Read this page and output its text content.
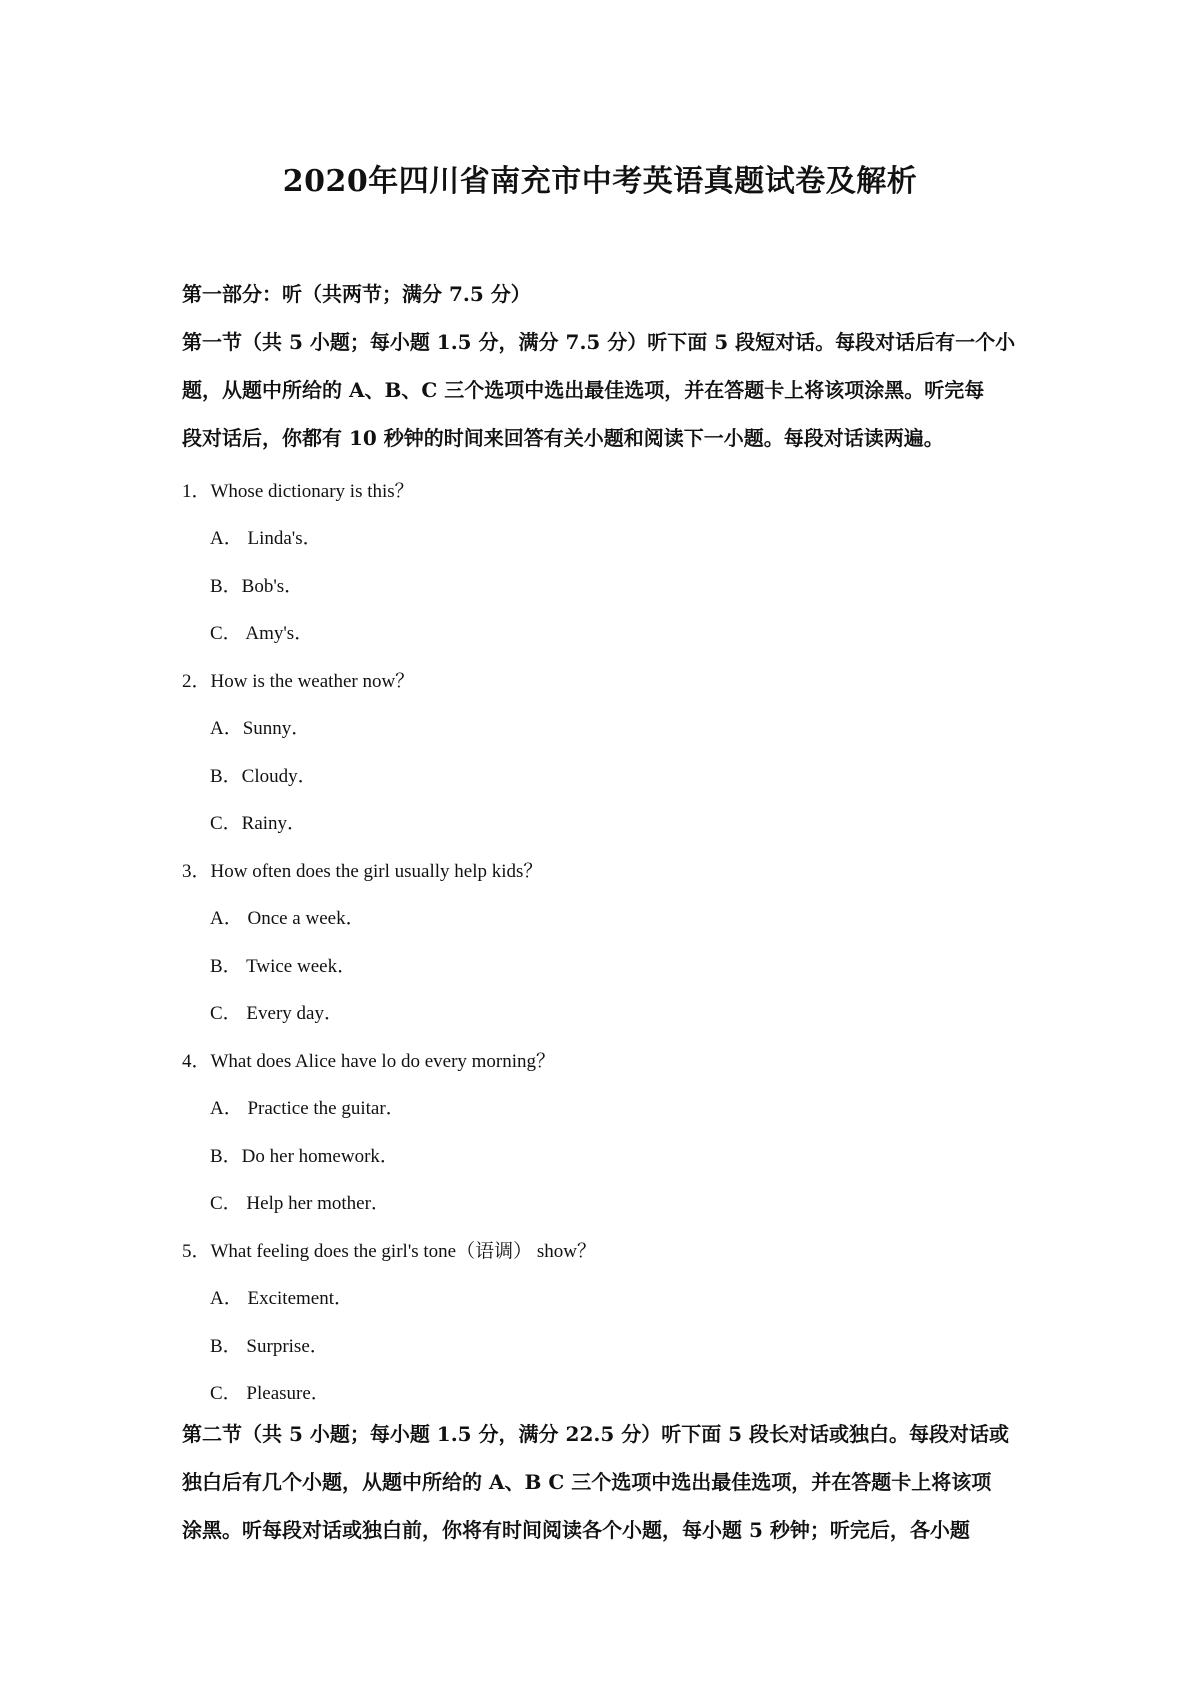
2020年四川省南充市中考英语真题试卷及解析
第一部分：听（共两节；满分 7.5 分）
第一节（共 5 小题；每小题 1.5 分，满分 7.5 分）听下面 5 段短对话。每段对话后有一个小
题，从题中所给的 A、B、C 三个选项中选出最佳选项，并在答题卡上将该项涂黑。听完每
段对话后，你都有 10 秒钟的时间来回答有关小题和阅读下一小题。每段对话读两遍。
1．Whose dictionary is this？
A． Linda's．
B．Bob's．
C． Amy's．
2．How is the weather now？
A．Sunny．
B．Cloudy．
C．Rainy．
3．How often does the girl usually help kids？
A． Once a week．
B． Twice week．
C． Every day．
4．What does Alice have lo do every morning？
A． Practice the guitar．
B．Do her homework．
C． Help her mother．
5．What feeling does the girl's tone（语调） show？
A． Excitement．
B． Surprise．
C． Pleasure．
第二节（共 5 小题；每小题 1.5 分，满分 22.5 分）听下面 5 段长对话或独白。每段对话或
独白后有几个小题，从题中所给的 A、B C 三个选项中选出最佳选项，并在答题卡上将该项
涂黑。听每段对话或独白前，你将有时间阅读各个小题，每小题 5 秒钟；听完后，各小题
